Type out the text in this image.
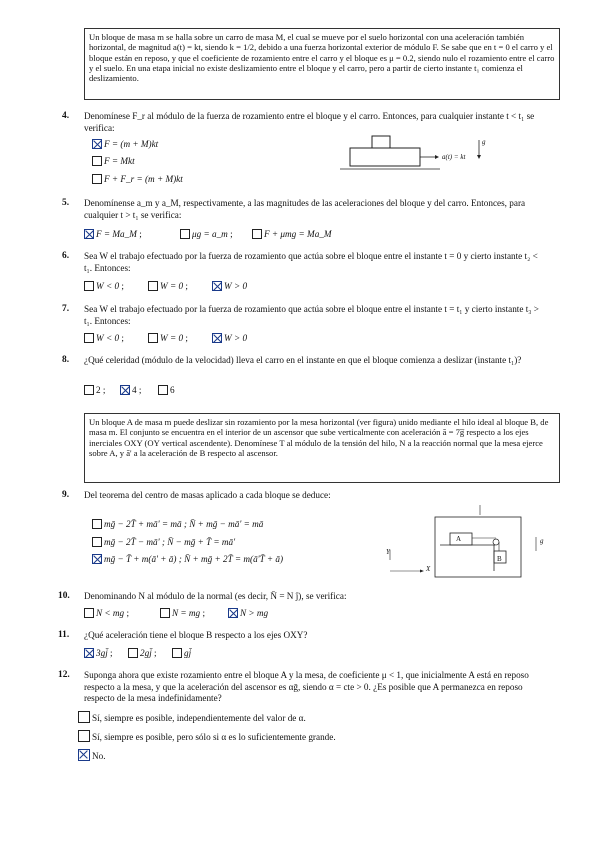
Un bloque de masa m se halla sobre un carro de masa M, el cual se mueve por el suelo horizontal con una aceleración también horizontal, de magnitud a(t) = kt, siendo k = 1/2, debido a una fuerza horizontal exterior de módulo F. Se sabe que en t = 0 el carro y el bloque están en reposo, y que el coeficiente de rozamiento entre el carro y el bloque es μ = 0.2, siendo nulo el rozamiento entre el carro y el suelo. En una etapa inicial no existe deslizamiento entre el bloque y el carro, pero a partir de cierto instante t₁ comienza el deslizamiento.
4. Denomínese F_r al módulo de la fuerza de rozamiento entre el bloque y el carro. Entonces, para cualquier instante t < t₁ se verifica:
F = (m + M)kt
F = Mkt
F + F_r = (m + M)kt
a(t) = kt
g
5. Denomínense a_m y a_M, respectivamente, a las magnitudes de las aceleraciones del bloque y del carro. Entonces, para cualquier t > t₁ se verifica:
F = Ma_M ;	μg = a_m ;	F + μmg = Ma_M
6. Sea W el trabajo efectuado por la fuerza de rozamiento que actúa sobre el bloque entre el instante t = 0 y cierto instante t₂ < t₁. Entonces:
W < 0 ;	W = 0 ;	W > 0
7. Sea W el trabajo efectuado por la fuerza de rozamiento que actúa sobre el bloque entre el instante t = t₁ y cierto instante t₃ > t₁. Entonces:
W < 0 ;	W = 0 ;	W > 0
8. ¿Qué celeridad (módulo de la velocidad) lleva el carro en el instante en que el bloque comienza a deslizar (instante t₁)?
2 ;	4 ;	6
Un bloque A de masa m puede deslizar sin rozamiento por la mesa horizontal (ver figura) unido mediante el hilo ideal al bloque B, de masa m. El conjunto se encuentra en el interior de un ascensor que sube verticalmente con aceleración ā = 7g̅ respecto a los ejes inerciales OXY (OY vertical ascendente). Denomínese T al módulo de la tensión del hilo, N a la reacción normal que la mesa ejerce sobre A, y ā' a la aceleración de B respecto al ascensor.
9. Del teorema del centro de masas aplicado a cada bloque se deduce:
mḡ − 2T̄ + mā' = mā ; N̄ + mḡ − mā' = mā
mḡ − 2T̄ − mā' ; N̄ − mḡ + T̄ = mā'
mḡ − T̄ + m(ā' + ā) ; N̄ + mḡ + 2T̄ = m(ā'T̄ + ā)
A
B
Y
X
g
10. Denominando N al módulo de la normal (es decir, N̄ = N ĵ), se verifica:
N < mg ;	N = mg ;	N > mg
11. ¿Qué aceleración tiene el bloque B respecto a los ejes OXY?
3gj̄ ;	2gj̄ ;	gj̄
12. Suponga ahora que existe rozamiento entre el bloque A y la mesa, de coeficiente μ < 1, que inicialmente A está en reposo respecto a la mesa, y que la aceleración del ascensor es αḡ, siendo α = cte > 0. ¿Es posible que A permanezca en reposo respecto de la mesa indefinidamente?
Sí, siempre es posible, independientemente del valor de α.
Sí, siempre es posible, pero sólo si α es lo suficientemente grande.
No.
